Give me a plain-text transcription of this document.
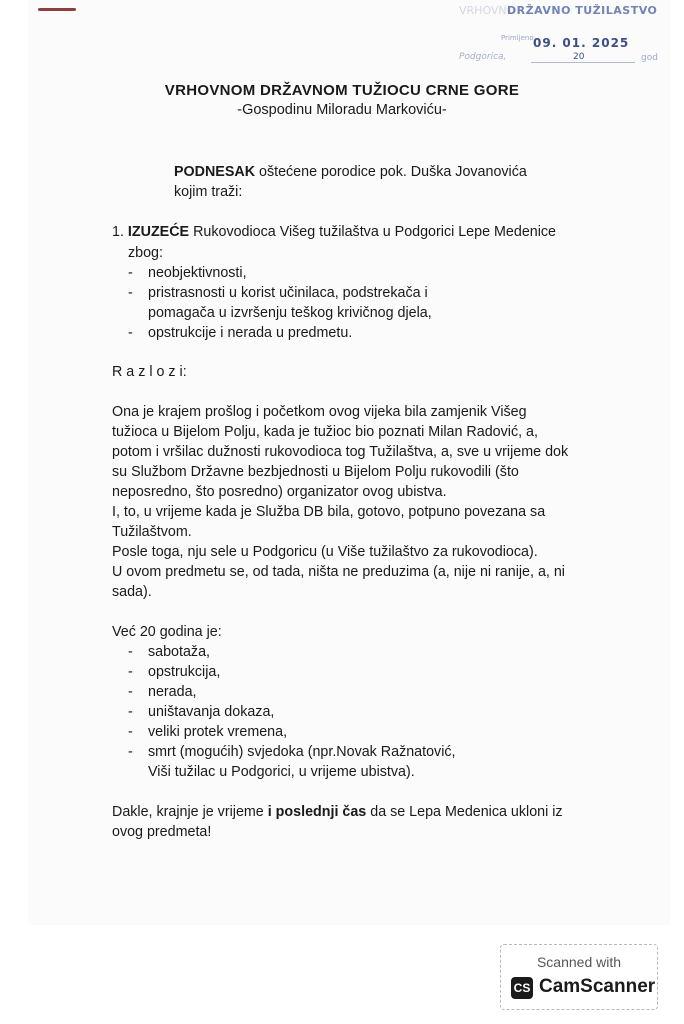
VRHOVNO
DRŽAVNO TUŽILASTVO
Primljeno 09. 01. 2025
Podgorica,	20	god
VRHOVNOM DRŽAVNOM TUŽIOCU CRNE GORE
-Gospodinu Miloradu Markoviću-
PODNESAK oštećene porodice pok. Duška Jovanovića
kojim traži:
1. IZUZEĆE Rukovodioca Višeg tužilaštva u Podgorici Lepe Medenice
zbog:
- neobjektivnosti,
- pristrasnosti u korist učinilaca, podstrekača i
pomagača u izvršenju teškog krivičnog djela,
- opstrukcije i nerada u predmetu.
R a z l o z i:
Ona je krajem prošlog i početkom ovog vijeka bila zamjenik Višeg
tužioca u Bijelom Polju, kada je tužioc bio poznati Milan Radović, a,
potom i vršilac dužnosti rukovodioca tog Tužilaštva, a, sve u vrijeme dok
su Službom Državne bezbjednosti u Bijelom Polju rukovodili (što
neposredno, što posredno) organizator ovog ubistva.
I, to, u vrijeme kada je Služba DB bila, gotovo, potpuno povezana sa
Tužilaštvom.
Posle toga, nju sele u Podgoricu (u Više tužilaštvo za rukovodioca).
U ovom predmetu se, od tada, ništa ne preduzima (a, nije ni ranije, a, ni
sada).
Već 20 godina je:
- sabotaža,
- opstrukcija,
- nerada,
- uništavanja dokaza,
- veliki protek vremena,
- smrt (mogućih) svjedoka (npr.Novak Ražnatović,
Viši tužilac u Podgorici, u vrijeme ubistva).
Dakle, krajnje je vrijeme i poslednji čas da se Lepa Medenica ukloni iz
ovog predmeta!
Scanned with
CS CamScanner
